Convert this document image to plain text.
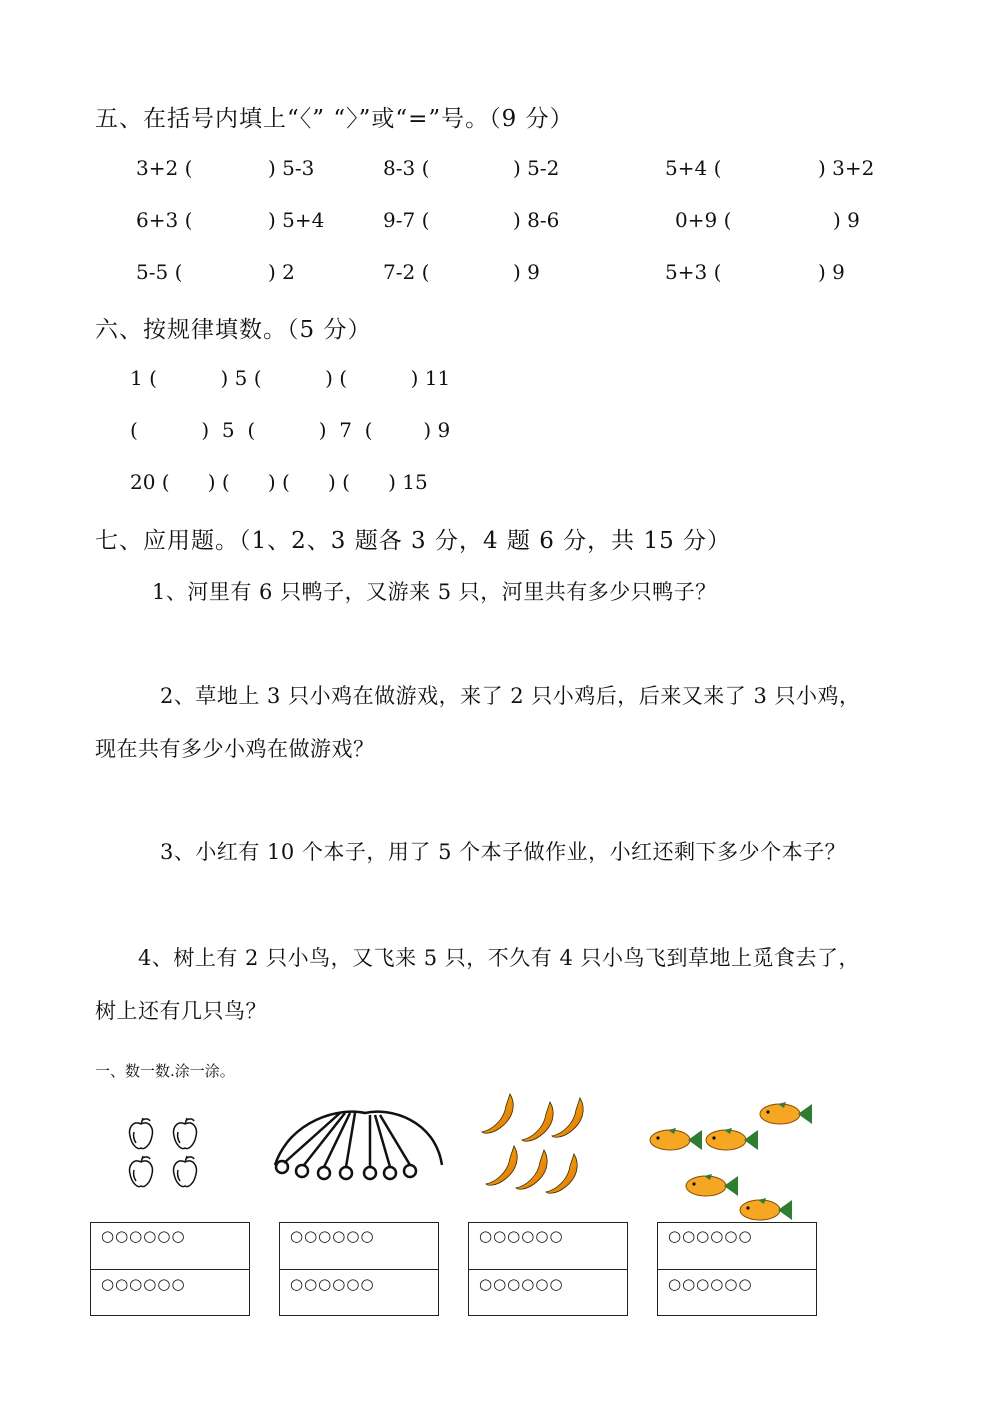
五、在括号内填上“〈” “〉”或“=”号。（9 分）
3+2 (	) 5-3	8-3 (	) 5-2	5+4 (	) 3+2
6+3 (	) 5+4	9-7 (	) 8-6	0+9 (	) 9
5-5 (	) 2	7-2 (	) 9	5+3 (	) 9
六、按规律填数。（5 分）
1 (          ) 5 (          ) (          ) 11
(          )  5  (          )  7  (        ) 9
20 (      ) (      ) (      ) (      ) 15
七、应用题。（1、2、3 题各 3 分，4 题 6 分，共 15 分）
1、河里有 6 只鸭子，又游来 5 只，河里共有多少只鸭子？
2、草地上 3 只小鸡在做游戏，来了 2 只小鸡后，后来又来了 3 只小鸡，
现在共有多少小鸡在做游戏？
3、小红有 10 个本子，用了 5 个本子做作业，小红还剩下多少个本子？
4、树上有 2 只小鸟，又飞来 5 只，不久有 4 只小鸟飞到草地上觅食去了，
树上还有几只鸟？
一、数一数.涂一涂。
○○○○○○
○○○○○○
○○○○○○
○○○○○○
○○○○○○
○○○○○○
○○○○○○
○○○○○○
